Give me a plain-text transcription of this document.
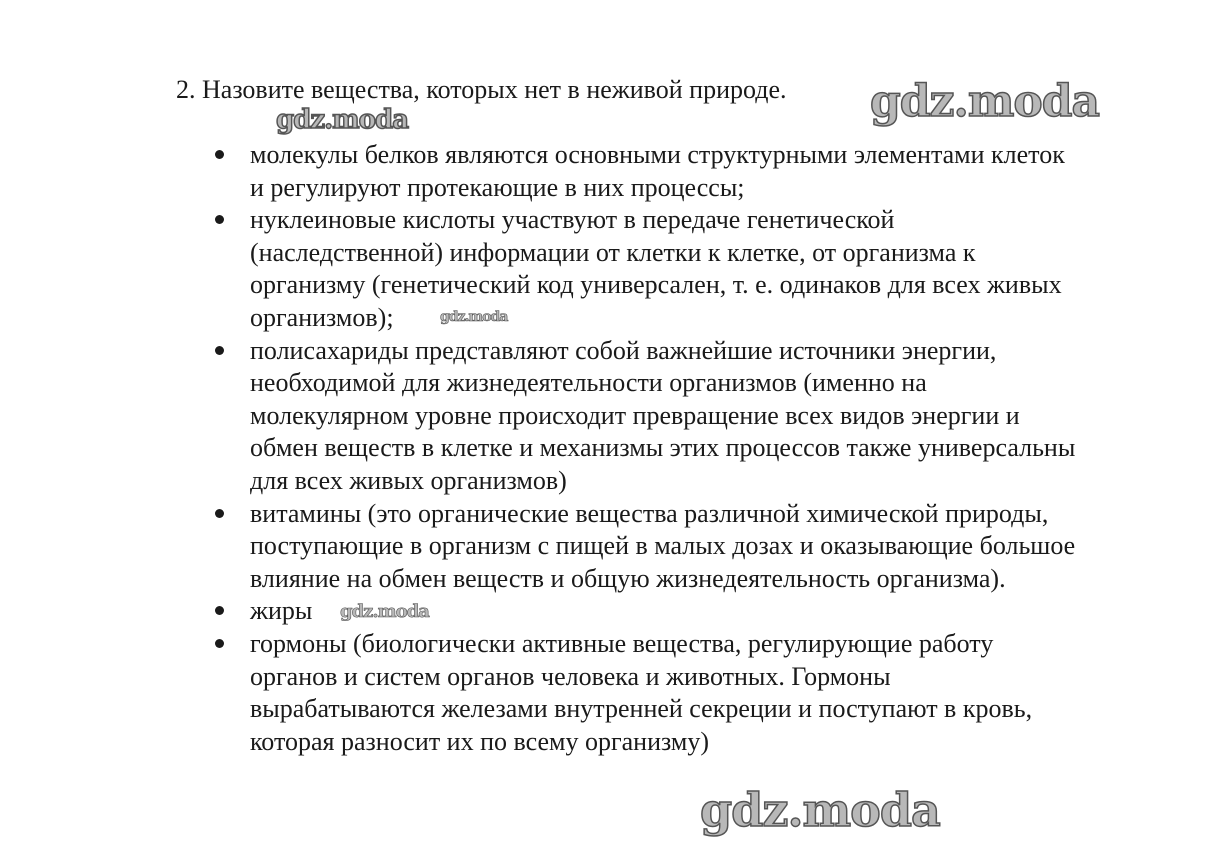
2. Назовите вещества, которых нет в неживой природе.
молекулы белков являются основными структурными элементами клеток
и регулируют протекающие в них процессы;
нуклеиновые кислоты участвуют в передаче генетической
(наследственной) информации от клетки к клетке, от организма к
организму (генетический код универсален, т. е. одинаков для всех живых
организмов);
полисахариды представляют собой важнейшие источники энергии,
необходимой для жизнедеятельности организмов (именно на
молекулярном уровне происходит превращение всех видов энергии и
обмен веществ в клетке и механизмы этих процессов также универсальны
для всех живых организмов)
витамины (это органические вещества различной химической природы,
поступающие в организм с пищей в малых дозах и оказывающие большое
влияние на обмен веществ и общую жизнедеятельность организма).
жиры
гормоны (биологически активные вещества, регулирующие работу
органов и систем органов человека и животных. Гормоны
вырабатываются железами внутренней секреции и поступают в кровь,
которая разносит их по всему организму)
gdz.moda	gdz.moda
gdz.moda
gdz.moda
gdz.moda
